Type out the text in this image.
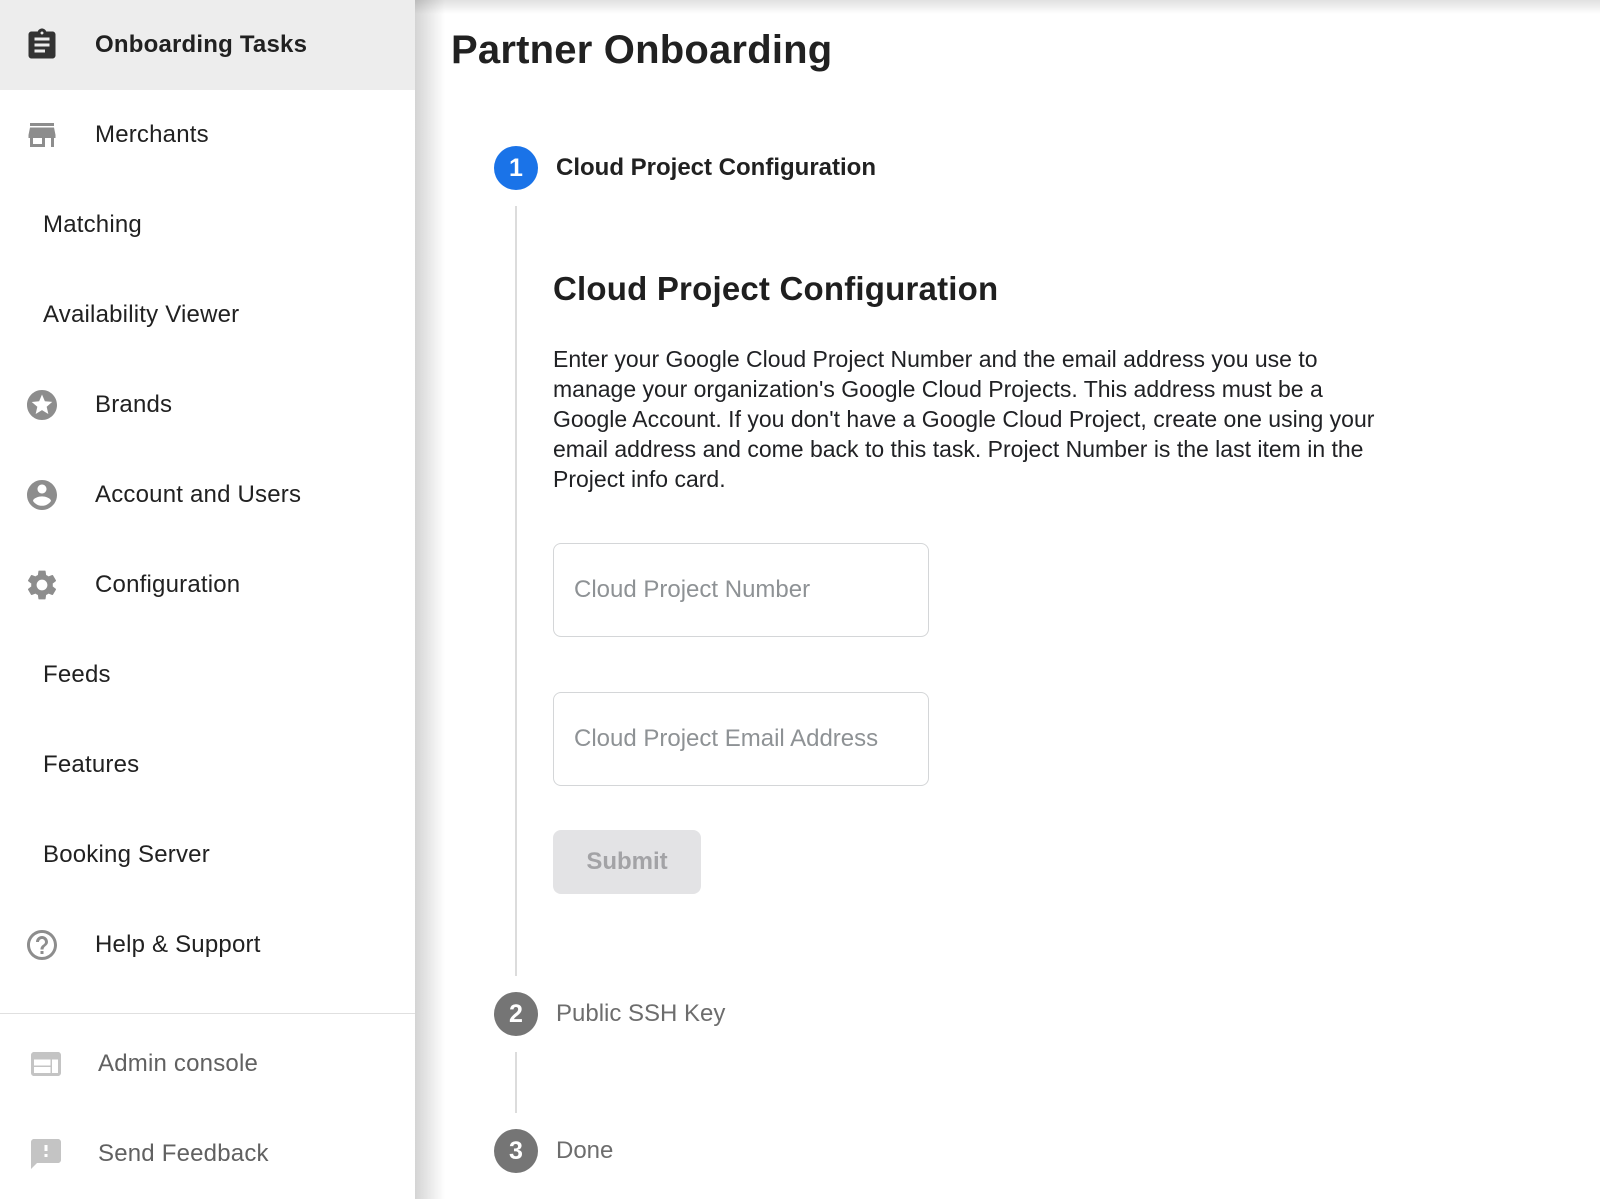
Onboarding Tasks
Merchants
Matching
Availability Viewer
Brands
Account and Users
Configuration
Feeds
Features
Booking Server
Help & Support
Admin console
Send Feedback
Partner Onboarding
1 Cloud Project Configuration
Cloud Project Configuration
Enter your Google Cloud Project Number and the email address you use to
manage your organization's Google Cloud Projects. This address must be a
Google Account. If you don't have a Google Cloud Project, create one using your
email address and come back to this task. Project Number is the last item in the
Project info card.
Cloud Project Number
Cloud Project Email Address
Submit
2 Public SSH Key
3 Done
